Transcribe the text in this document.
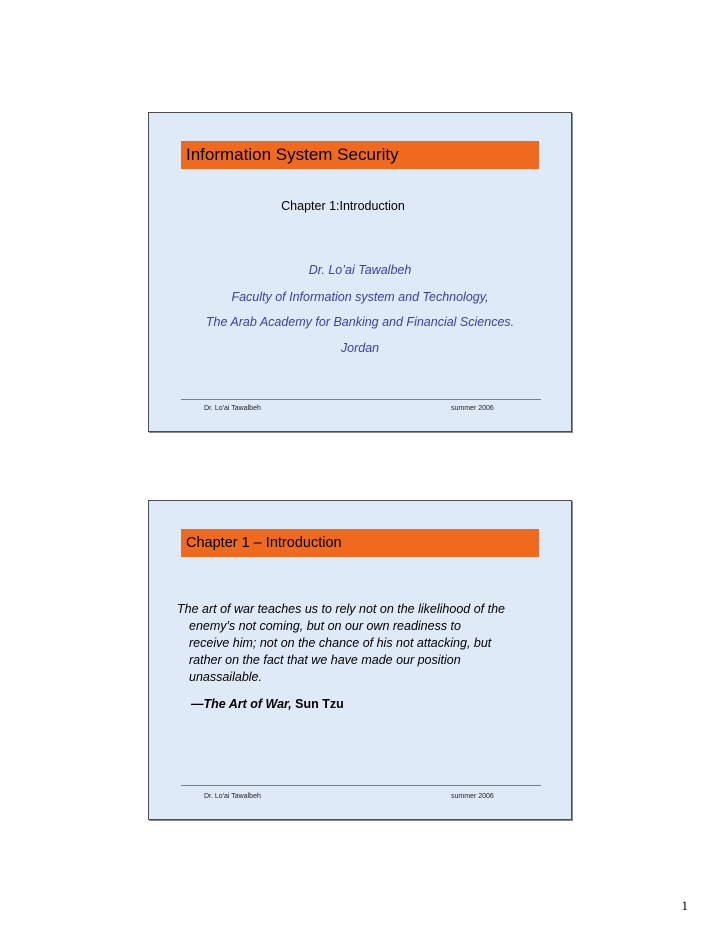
Information System Security
Chapter 1:Introduction
Dr. Lo’ai Tawalbeh
Faculty of Information system and Technology,
The Arab Academy for Banking and Financial Sciences.
Jordan
Dr. Lo'ai Tawalbeh	summer 2006
Chapter 1 – Introduction
The art of war teaches us to rely not on the likelihood of the
enemy's not coming, but on our own readiness to
receive him; not on the chance of his not attacking, but
rather on the fact that we have made our position
unassailable.
—The Art of War, Sun Tzu
Dr. Lo'ai Tawalbeh	summer 2006
1
